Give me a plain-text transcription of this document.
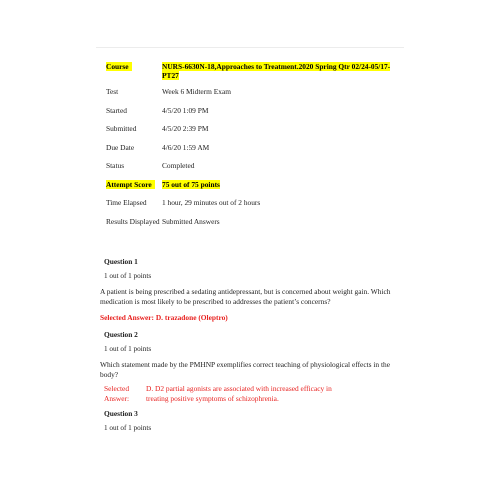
Course	NURS-6630N-18,Approaches to Treatment.2020 Spring Qtr 02/24-05/17-PT27
Test	Week 6 Midterm Exam
Started	4/5/20 1:09 PM
Submitted	4/5/20 2:39 PM
Due Date	4/6/20 1:59 AM
Status	Completed
Attempt Score	75 out of 75 points
Time Elapsed	1 hour, 29 minutes out of 2 hours
Results Displayed	Submitted Answers
Question 1
1 out of 1 points
A patient is being prescribed a sedating antidepressant, but is concerned about weight gain. Which medication is most likely to be prescribed to addresses the patient’s concerns?
Selected Answer: D. trazadone (Oleptro)
Question 2
1 out of 1 points
Which statement made by the PMHNP exemplifies correct teaching of physiological effects in the body?
Selected Answer:
D. D2 partial agonists are associated with increased efficacy in treating positive symptoms of schizophrenia.
Question 3
1 out of 1 points
